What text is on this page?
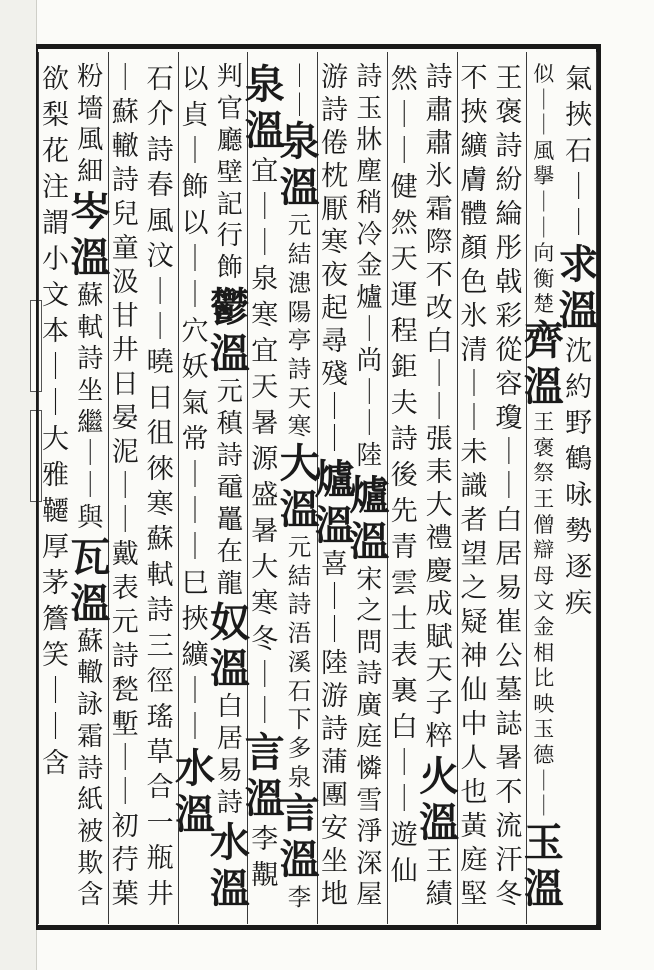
氣
挾
石
｜
｜
求
溫
沈
約
野
鶴
咏
勢
逐
疾
似
｜
｜
風
擧
｜
｜
向
衡
楚
齊
溫
王
褒
祭
王
僧
辯
母
文
金
相
比
映
玉
德
｜
｜
玉
溫
王
褒
詩
紛
綸
彤
㦸
彩
從
容
瓊
｜
｜
白
居
易
崔
公
墓
誌
暑
不
流
汗
冬
不
挾
纊
膚
體
顏
色
氷
清
｜
｜
未
識
者
望
之
疑
神
仙
中
人
也
黃
庭
堅
詩
肅
肅
氷
霜
際
不
改
白
｜
｜
張
耒
大
禮
慶
成
賦
天
子
粹
火
溫
王
績
然
｜
｜
健
然
天
運
程
鉅
夫
詩
後
先
青
雲
士
表
裏
白
｜
｜
遊
仙
詩
玉
牀
塵
稍
冷
金
爐
｜
尚
｜
｜
陸
爐
溫
宋
之
問
詩
廣
庭
憐
雪
淨
深
屋
游
詩
倦
枕
厭
寒
夜
起
尋
殘
｜
｜
爐
溫
喜
｜
｜
陸
游
詩
蒲
團
安
坐
地
｜
｜
泉
溫
元
結
漶
陽
亭
詩
天
寒
大
溫
元
結
詩
浯
溪
石
下
多
泉
言
溫
李
泉
溫
宜
｜
｜
泉
寒
宜
天
暑
源
盛
暑
大
寒
冬
｜
｜
言
溫
李
覯
判
官
廳
壁
記
行
飾
鬱
溫
元
稹
詩
黿
鼉
在
龍
奴
溫
白
居
易
詩
水
溫
以
貞
｜
飾
以
｜
｜
穴
妖
氣
常
｜
｜
｜
巳
挾
纊
｜
｜
水
溫
石
介
詩
春
風
汶
｜
｜
曉
日
徂
徠
寒
蘇
軾
詩
三
徑
瑤
草
合
一
瓶
井
｜
蘇
轍
詩
兒
童
汲
甘
井
日
晏
泥
｜
｜
戴
表
元
詩
甃
塹
｜
｜
初
荇
葉
粉
墻
風
細
岑
溫
蘇
軾
詩
坐
繼
｜
｜
與
瓦
溫
蘇
轍
詠
霜
詩
紙
被
欺
含
欲
梨
花
注
謂
小
文
本
｜
｜
大
雅
韆
厚
茅
簷
笑
｜
｜
含
